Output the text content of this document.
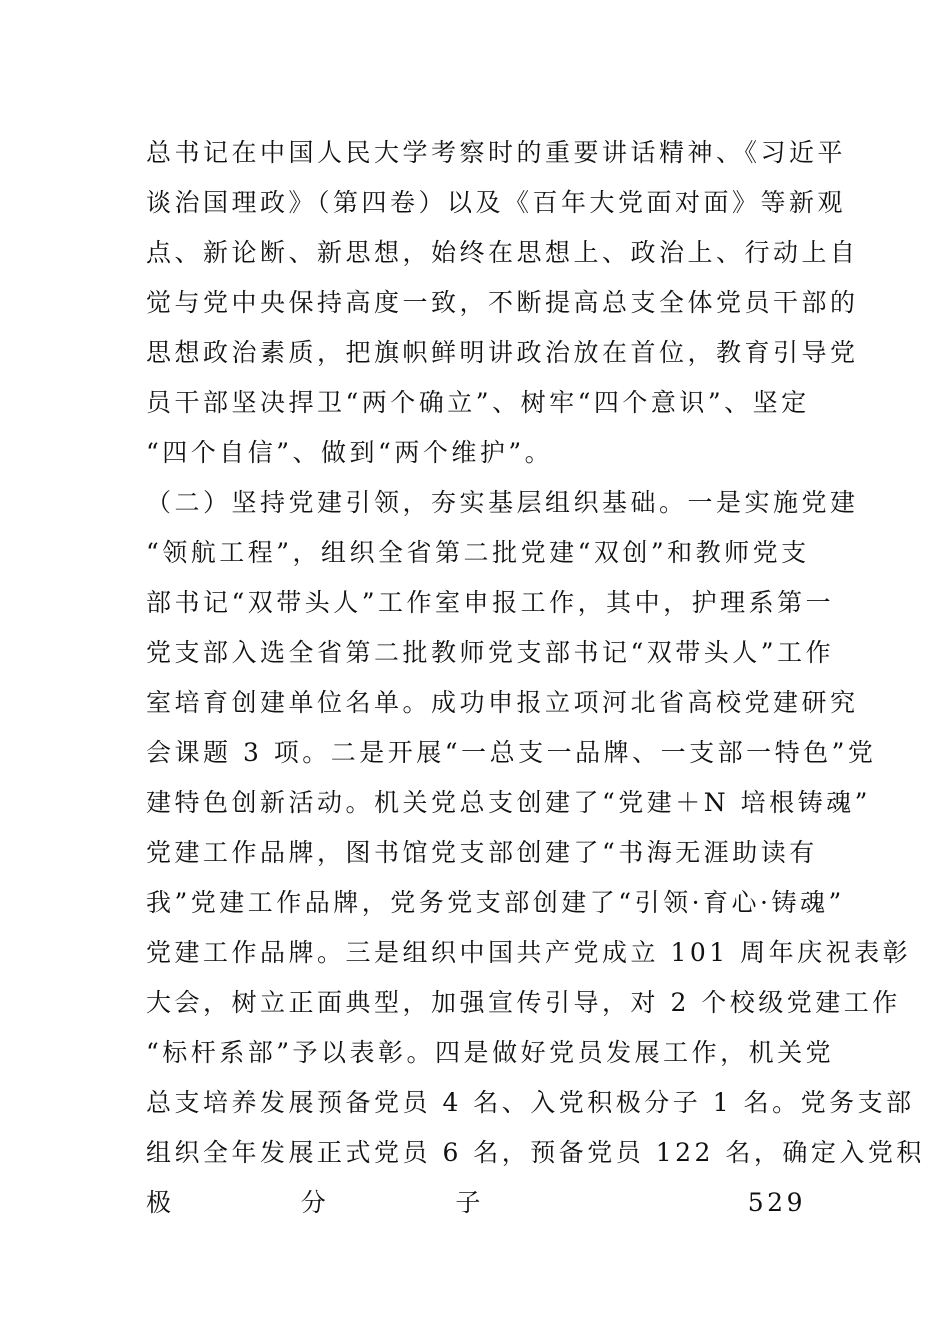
总书记在中国人民大学考察时的重要讲话精神、《习近平
谈治国理政》（第四卷）以及《百年大党面对面》等新观
点、新论断、新思想，始终在思想上、政治上、行动上自
觉与党中央保持高度一致，不断提高总支全体党员干部的
思想政治素质，把旗帜鲜明讲政治放在首位，教育引导党
员干部坚决捍卫“两个确立”、树牢“四个意识”、坚定
“四个自信”、做到“两个维护”。
（二）坚持党建引领，夯实基层组织基础。一是实施党建
“领航工程”，组织全省第二批党建“双创”和教师党支
部书记“双带头人”工作室申报工作，其中，护理系第一
党支部入选全省第二批教师党支部书记“双带头人”工作
室培育创建单位名单。成功申报立项河北省高校党建研究
会课题 3 项。二是开展“一总支一品牌、一支部一特色”党
建特色创新活动。机关党总支创建了“党建＋N 培根铸魂”
党建工作品牌，图书馆党支部创建了“书海无涯助读有
我”党建工作品牌，党务党支部创建了“引领·育心·铸魂”
党建工作品牌。三是组织中国共产党成立 101 周年庆祝表彰
大会，树立正面典型，加强宣传引导，对 2 个校级党建工作
“标杆系部”予以表彰。四是做好党员发展工作，机关党
总支培养发展预备党员 4 名、入党积极分子 1 名。党务支部
组织全年发展正式党员 6 名，预备党员 122 名，确定入党积
极分子 529
